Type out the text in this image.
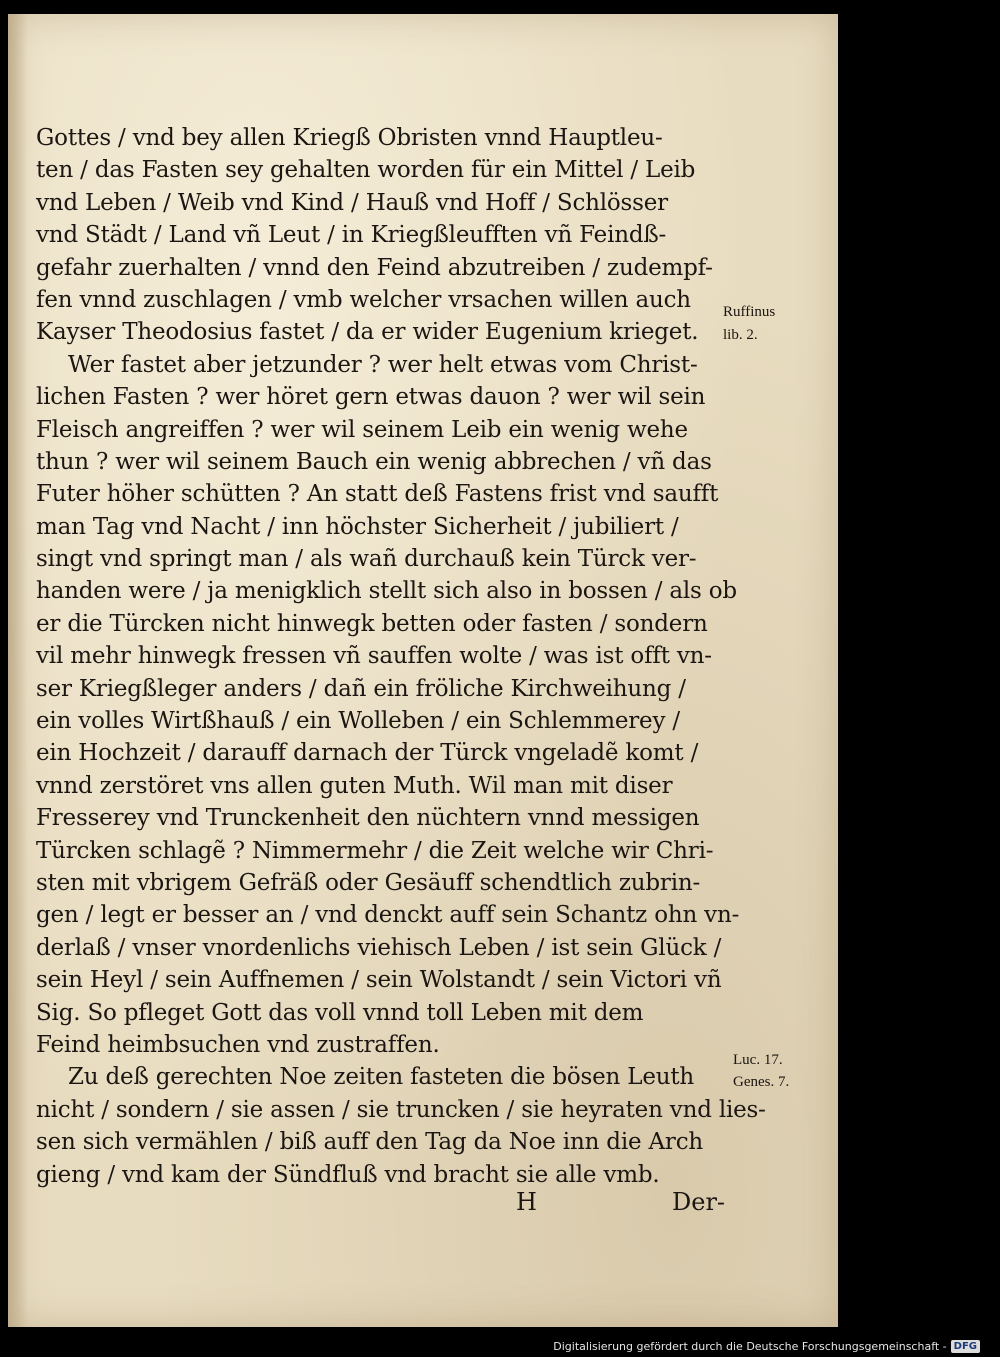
Gottes / vnd bey allen Kriegß Obristen vnnd Hauptleu-
ten / das Fasten sey gehalten worden für ein Mittel / Leib
vnd Leben / Weib vnd Kind / Hauß vnd Hoff / Schlösser
vnd Städt / Land vñ Leut / in Kriegßleufften vñ Feindß-
gefahr zuerhalten / vnnd den Feind abzutreiben / zudempf-
fen vnnd zuschlagen / vmb welcher vrsachen willen auch
Kayser Theodosius fastet / da er wider Eugenium krieget.
Wer fastet aber jetzunder ? wer helt etwas vom Christ-
lichen Fasten ? wer höret gern etwas dauon ? wer wil sein
Fleisch angreiffen ? wer wil seinem Leib ein wenig wehe
thun ? wer wil seinem Bauch ein wenig abbrechen / vñ das
Futer höher schütten ? An statt deß Fastens frist vnd saufft
man Tag vnd Nacht / inn höchster Sicherheit / jubiliert /
singt vnd springt man / als wañ durchauß kein Türck ver-
handen were / ja menigklich stellt sich also in bossen / als ob
er die Türcken nicht hinwegk betten oder fasten / sondern
vil mehr hinwegk fressen vñ sauffen wolte / was ist offt vn-
ser Kriegßleger anders / dañ ein fröliche Kirchweihung /
ein volles Wirtßhauß / ein Wolleben / ein Schlemmerey /
ein Hochzeit / darauff darnach der Türck vngeladẽ komt /
vnnd zerstöret vns allen guten Muth. Wil man mit diser
Fresserey vnd Trunckenheit den nüchtern vnnd messigen
Türcken schlagẽ ? Nimmermehr / die Zeit welche wir Chri-
sten mit vbrigem Gefräß oder Gesäuff schendtlich zubrin-
gen / legt er besser an / vnd denckt auff sein Schantz ohn vn-
derlaß / vnser vnordenlichs viehisch Leben / ist sein Glück /
sein Heyl / sein Auffnemen / sein Wolstandt / sein Victori vñ
Sig. So pfleget Gott das voll vnnd toll Leben mit dem
Feind heimbsuchen vnd zustraffen.
Zu deß gerechten Noe zeiten fasteten die bösen Leuth
nicht / sondern / sie assen / sie truncken / sie heyraten vnd lies-
sen sich vermählen / biß auff den Tag da Noe inn die Arch
gieng / vnd kam der Sündfluß vnd bracht sie alle vmb.
Ruffinus
lib. 2.
Luc. 17.
Genes. 7.
H	Der-
Digitalisierung gefördert durch die Deutsche Forschungsgemeinschaft - DFG
